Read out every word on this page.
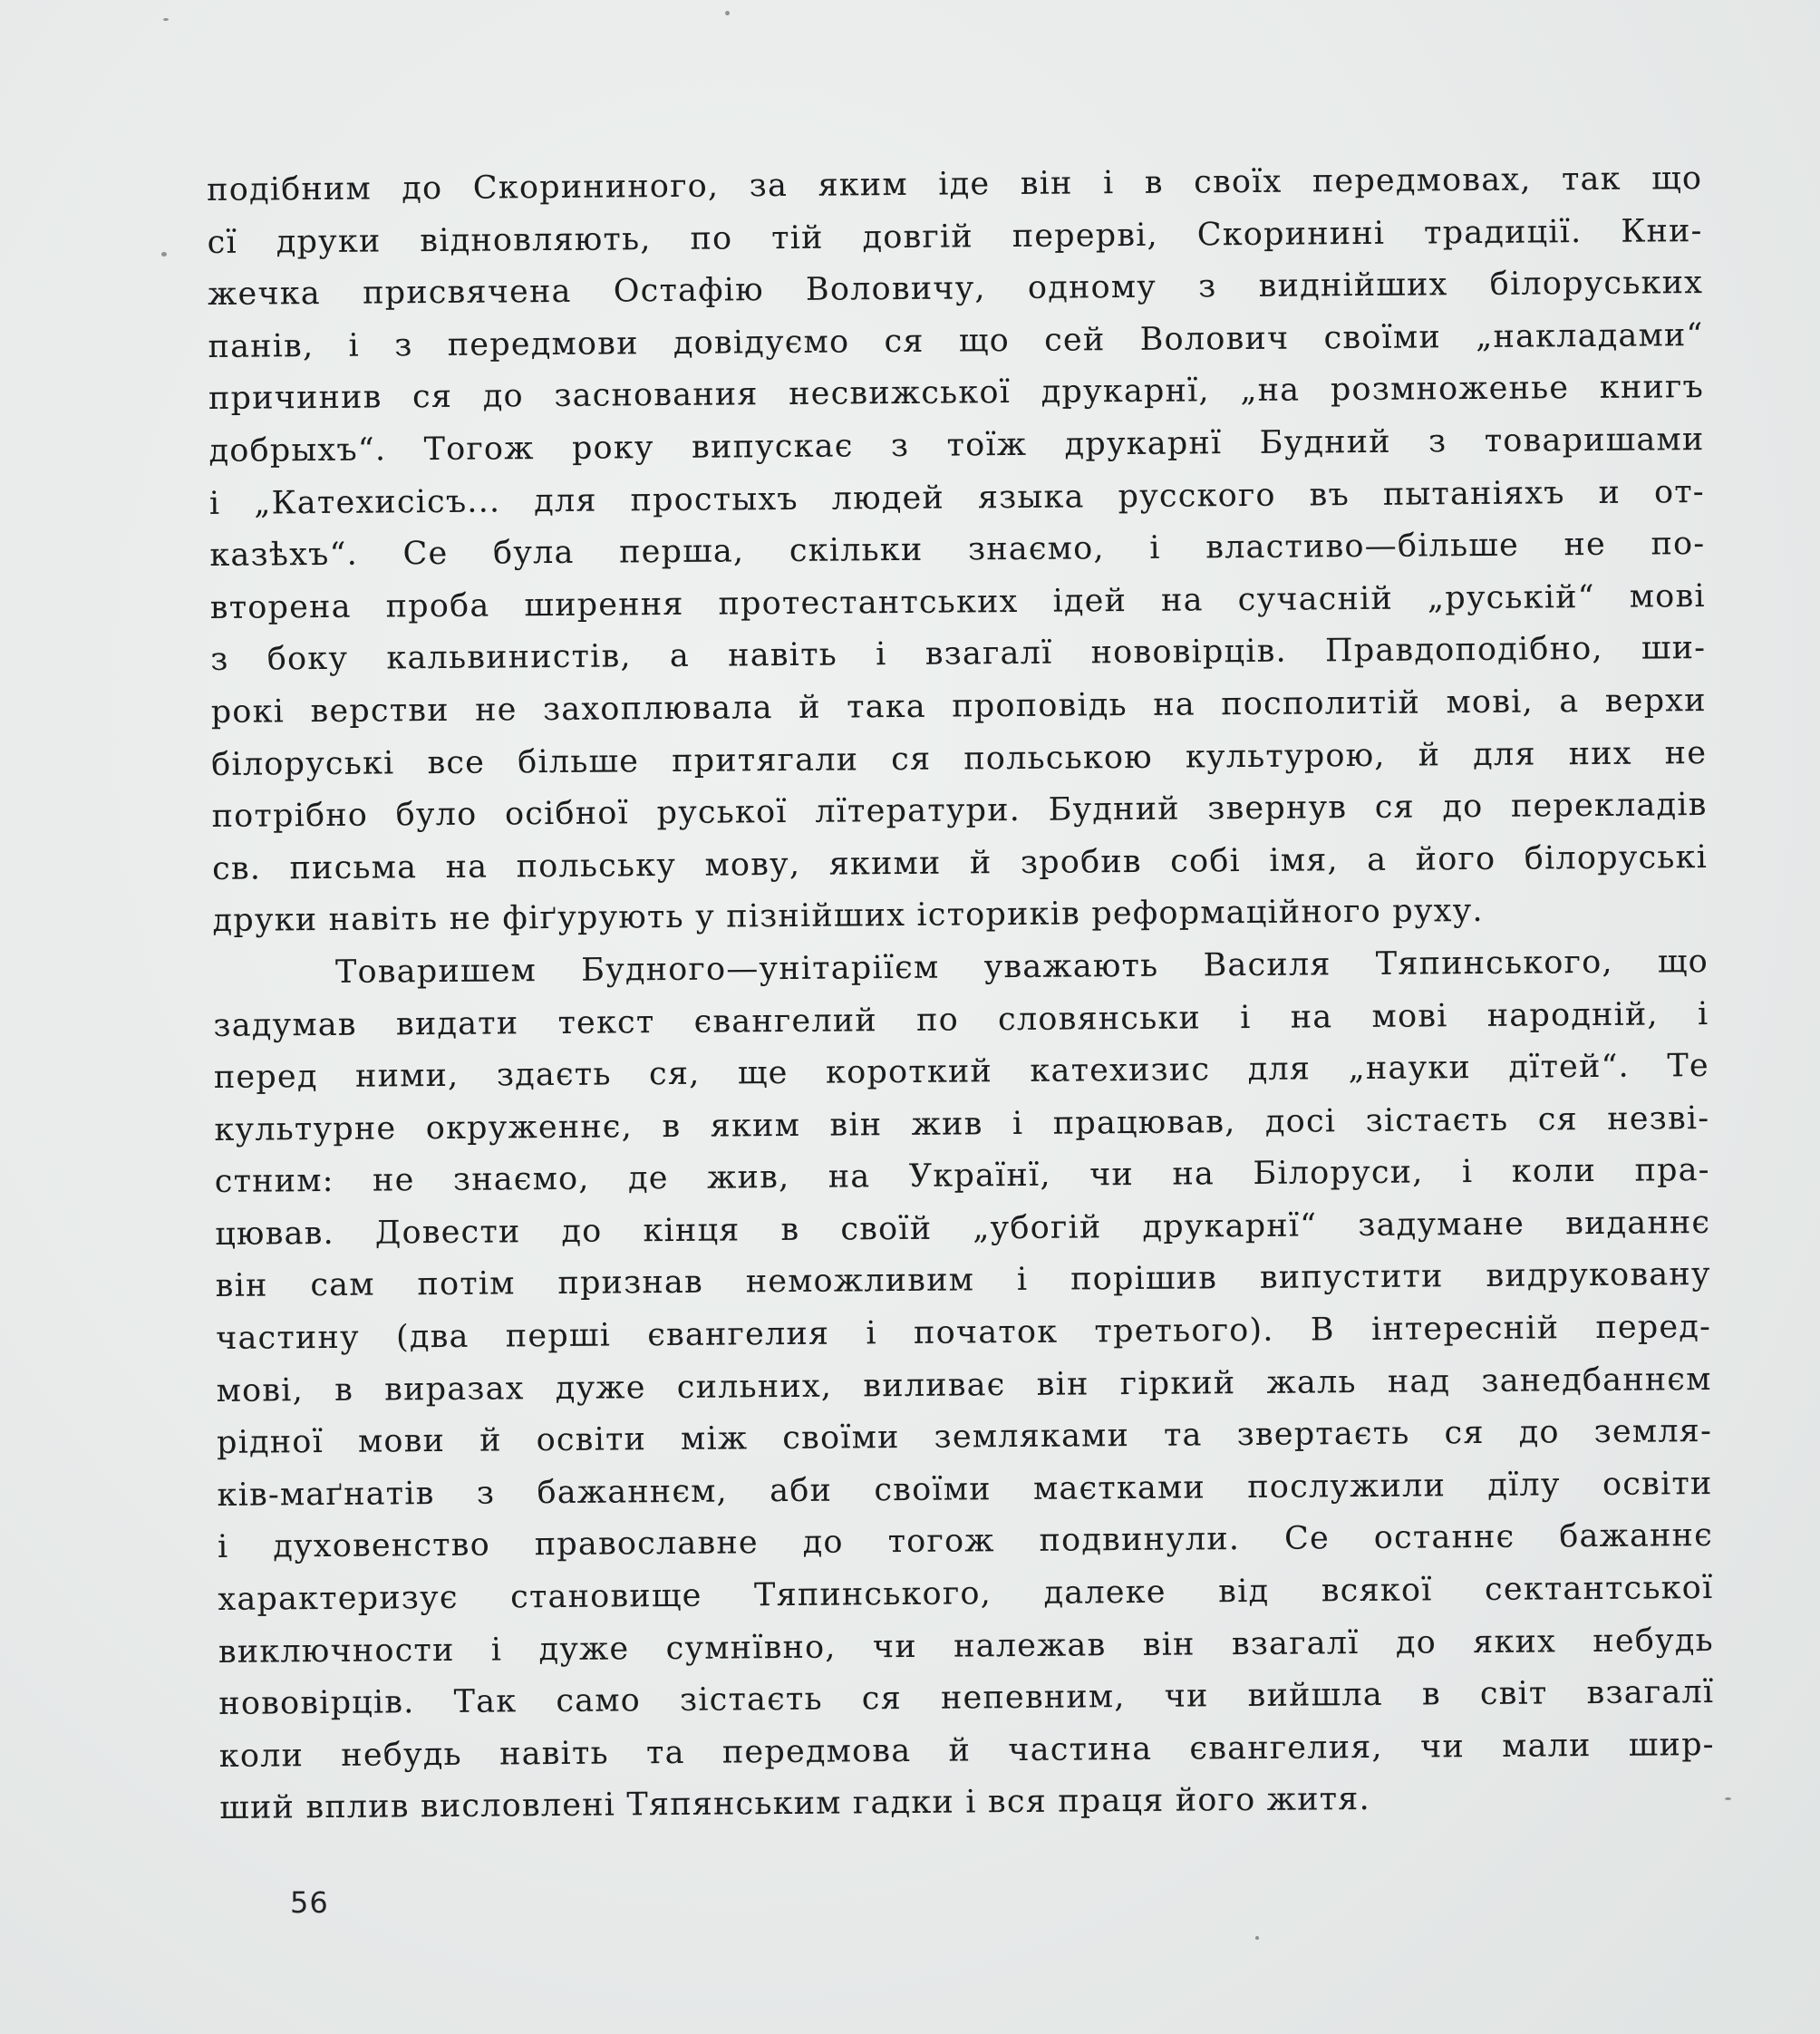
подібним до Скорининого, за яким іде він і в своїх передмовах, так що
сї друки відновляють, по тій довгій перерві, Скоринині традиції. Кни-
жечка присвячена Остафію Воловичу, одному з виднійших білоруських
панів, і з передмови довідуємо ся що сей Волович своїми „накладами“
причинив ся до заснования несвижської друкарнї, „на розмноженье книгъ
добрыхъ“. Тогож року випускає з тоїж друкарнї Будний з товаришами
і „Катехисісъ... для простыхъ людей языка русского въ пытаніяхъ и от-
казѣхъ“. Се була перша, скільки знаємо, і властиво—більше не по-
вторена проба ширення протестантських ідей на сучасній „руській“ мові
з боку кальвинистів, а навіть і взагалї нововірців. Правдоподібно, ши-
рокі верстви не захоплювала й така проповідь на посполитій мові, а верхи
білоруські все більше притягали ся польською культурою, й для них не
потрібно було осібної руської лїтератури. Будний звернув ся до перекладів
св. письма на польську мову, якими й зробив собі імя, а його білоруські
друки навіть не фіґурують у пізнійших істориків реформаційного руху.
Товаришем Будного—унітаріїєм уважають Василя Тяпинського, що
задумав видати текст євангелий по словянськи і на мові народній, і
перед ними, здаєть ся, ще короткий катехизис для „науки дїтей“. Те
культурне окруженнє, в яким він жив і працював, досі зістаєть ся незві-
стним: не знаємо, де жив, на Українї, чи на Білоруси, і коли пра-
цював. Довести до кінця в своїй „убогій друкарнї“ задумане виданнє
він сам потім признав неможливим і порішив випустити видруковану
частину (два перші євангелия і початок третього). В інтересній перед-
мові, в виразах дуже сильних, виливає він гіркий жаль над занедбаннєм
рідної мови й освіти між своїми земляками та звертаєть ся до земля-
ків-маґнатів з бажаннєм, аби своїми маєтками послужили дїлу освіти
і духовенство православне до тогож подвинули. Се останнє бажаннє
характеризує становище Тяпинського, далеке від всякої сектантської
виключности і дуже сумнївно, чи належав він взагалї до яких небудь
нововірців. Так само зістаєть ся непевним, чи вийшла в світ взагалї
коли небудь навіть та передмова й частина євангелия, чи мали шир-
ший вплив висловлені Тяпянським гадки і вся праця його житя.
56
